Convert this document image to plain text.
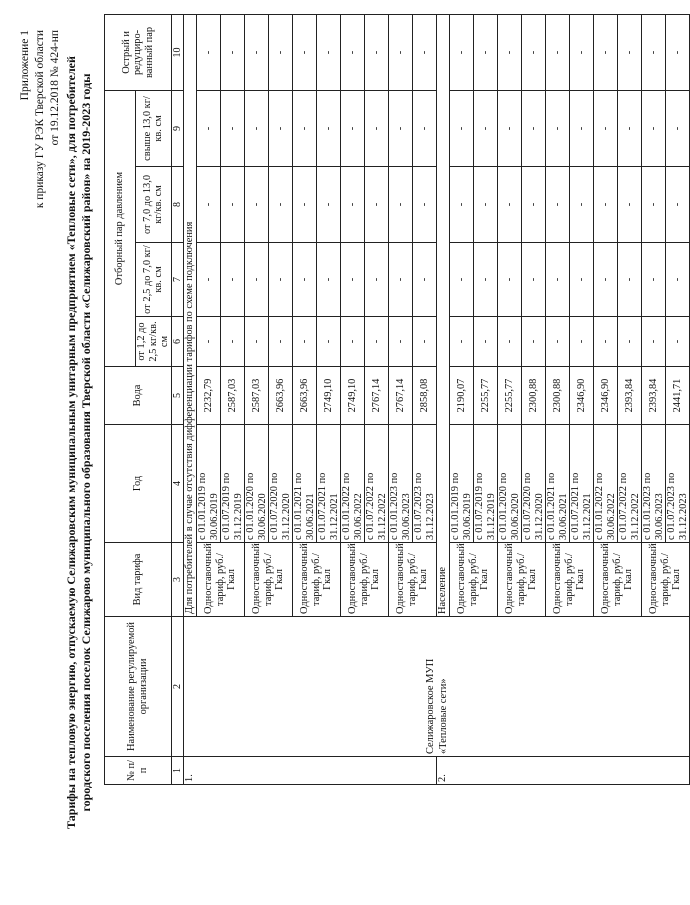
Приложение 1 к приказу ГУ РЭК Тверской области от 19.12.2018 № 424-нп Тарифы на тепловую энергию, отпускаемую Селижаровским муниципальным унитарным предприятием «Тепловые сети», для потребителей городского поселения поселок Селижарово муниципального образования Тверской области «Селижаровский район» на 2019-2023 годы	№ п/п	Наименование регулируемой организации	Вид тарифа	Год	Вода	Отборный пар давлением				Острый и редуциро- ванный пар
					от 1,2 до 2,5 кг/кв. см	от 2,5 до 7,0 кг/кв. см	от 7,0 до 13,0 кг/кв. см	свыше 13,0 кг/кв. см	
1	2	3	4	5	6	7	8	9	10
1.	Селижаровское МУП «Тепловые сети»	Для потребителей в случае отсутствия дифференциации тарифов по схеме подключения							
		Одноставочный тариф, руб./Гкал	с 01.01.2019 по 30.06.2019	2232,79	-	-	-	-	-
			с 01.07.2019 по 31.12.2019	2587,03	-	-	-	-	-
		Одноставочный тариф, руб./Гкал	с 01.01.2020 по 30.06.2020	2587,03	-	-	-	-	-
			с 01.07.2020 по 31.12.2020	2663,96	-	-	-	-	-
		Одноставочный тариф, руб./Гкал	с 01.01.2021 по 30.06.2021	2663,96	-	-	-	-	-
			с 01.07.2021 по 31.12.2021	2749,10	-	-	-	-	-
		Одноставочный тариф, руб./Гкал	с 01.01.2022 по 30.06.2022	2749,10	-	-	-	-	-
			с 01.07.2022 по 31.12.2022	2767,14	-	-	-	-	-
		Одноставочный тариф, руб./Гкал	с 01.01.2023 по 30.06.2023	2767,14	-	-	-	-	-
			с 01.07.2023 по 31.12.2023	2858,08	-	-	-	-	-
2.		Население							
		Одноставочный тариф, руб./Гкал	с 01.01.2019 по 30.06.2019	2190,07	-	-	-	-	-
			с 01.07.2019 по 31.12.2019	2255,77	-	-	-	-	-
		Одноставочный тариф, руб./Гкал	с 01.01.2020 по 30.06.2020	2255,77	-	-	-	-	-
			с 01.07.2020 по 31.12.2020	2300,88	-	-	-	-	-
		Одноставочный тариф, руб./Гкал	с 01.01.2021 по 30.06.2021	2300,88	-	-	-	-	-
			с 01.07.2021 по 31.12.2021	2346,90	-	-	-	-	-
		Одноставочный тариф, руб./Гкал	с 01.01.2022 по 30.06.2022	2346,90	-	-	-	-	-
			с 01.07.2022 по 31.12.2022	2393,84	-	-	-	-	-
		Одноставочный тариф, руб./Гкал	с 01.01.2023 по 30.06.2023	2393,84	-	-	-	-	-
			с 01.07.2023 по 31.12.2023	2441,71	-	-	-	-	-
